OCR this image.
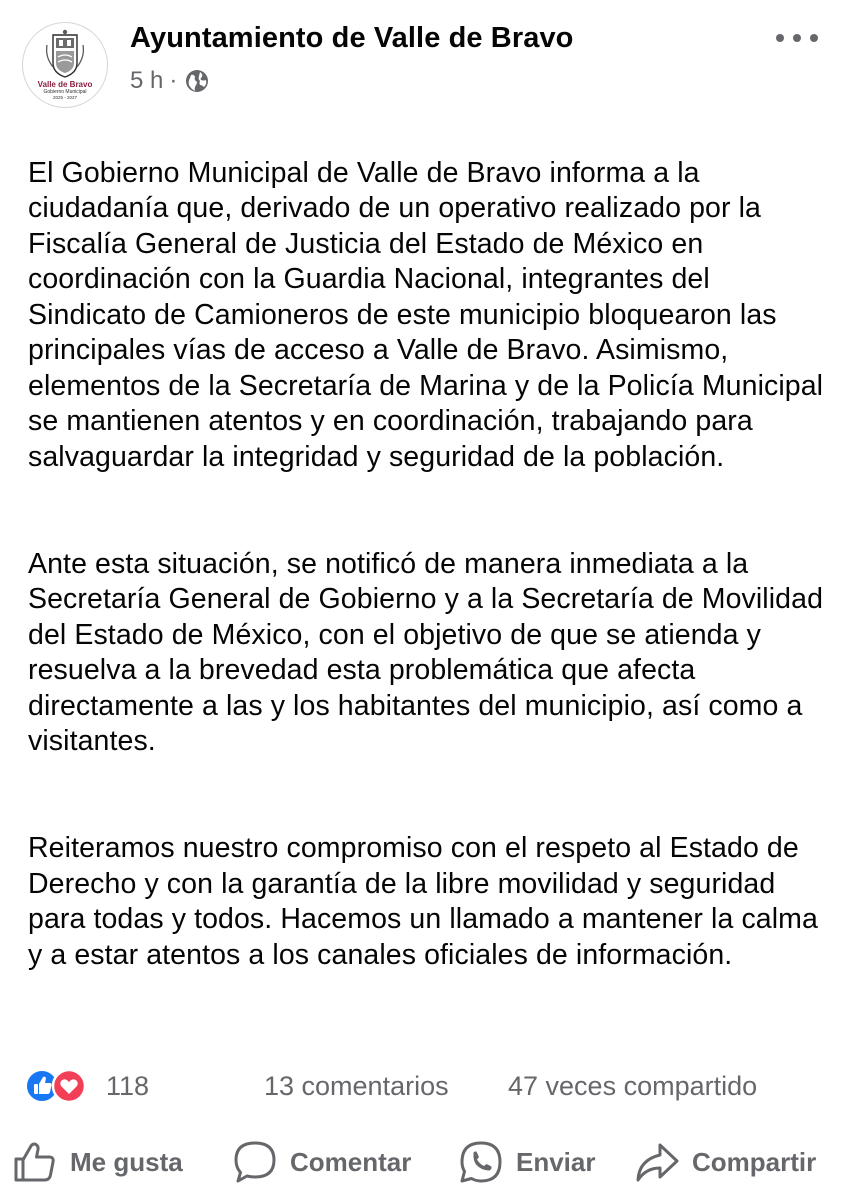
Valle de Bravo
Gobierno Municipal
2025 - 2027
Ayuntamiento de Valle de Bravo
5 h ·

El Gobierno Municipal de Valle de Bravo informa a la ciudadanía que, derivado de un operativo realizado por la Fiscalía General de Justicia del Estado de México en coordinación con la Guardia Nacional, integrantes del Sindicato de Camioneros de este municipio bloquearon las principales vías de acceso a Valle de Bravo. Asimismo, elementos de la Secretaría de Marina y de la Policía Municipal se mantienen atentos y en coordinación, trabajando para salvaguardar la integridad y seguridad de la población.

Ante esta situación, se notificó de manera inmediata a la Secretaría General de Gobierno y a la Secretaría de Movilidad del Estado de México, con el objetivo de que se atienda y resuelva a la brevedad esta problemática que afecta directamente a las y los habitantes del municipio, así como a visitantes.

Reiteramos nuestro compromiso con el respeto al Estado de Derecho y con la garantía de la libre movilidad y seguridad para todas y todos. Hacemos un llamado a mantener la calma y a estar atentos a los canales oficiales de información.

118	13 comentarios 47 veces compartido
Me gusta	Comentar	Enviar	Compartir
